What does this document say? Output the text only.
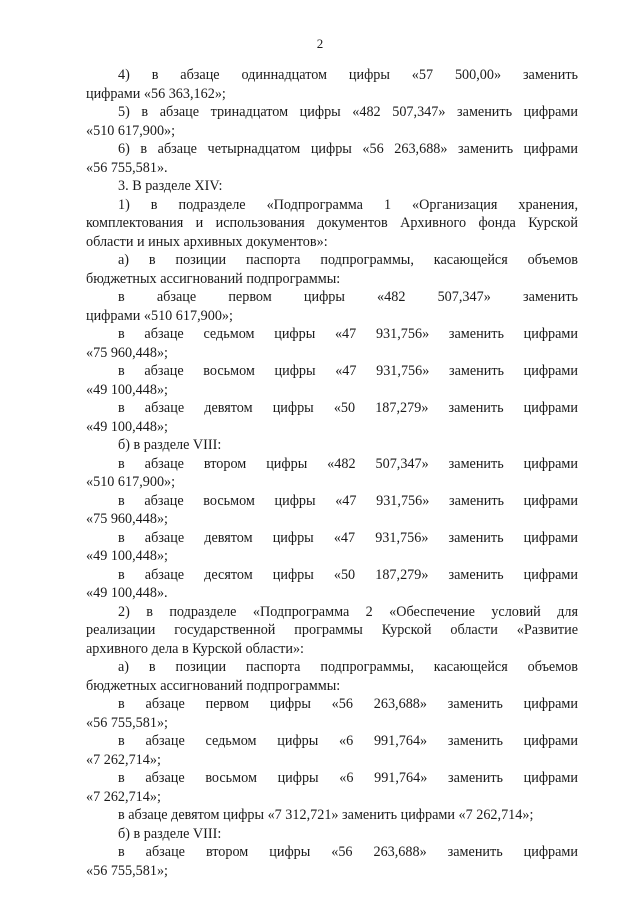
2
4) в абзаце одиннадцатом цифры «57 500,00» заменить
цифрами «56 363,162»;
5) в абзаце тринадцатом цифры «482 507,347» заменить цифрами
«510 617,900»;
6) в абзаце четырнадцатом цифры «56 263,688» заменить цифрами
«56 755,581».
3. В разделе XIV:
1) в подразделе «Подпрограмма 1 «Организация хранения,
комплектования и использования документов Архивного фонда Курской
области и иных архивных документов»:
а) в позиции паспорта подпрограммы, касающейся объемов
бюджетных ассигнований подпрограммы:
в абзаце первом цифры «482 507,347» заменить
цифрами «510 617,900»;
в абзаце седьмом цифры «47 931,756» заменить цифрами
«75 960,448»;
в абзаце восьмом цифры «47 931,756» заменить цифрами
«49 100,448»;
в абзаце девятом цифры «50 187,279» заменить цифрами
«49 100,448»;
б) в разделе VIII:
в абзаце втором цифры «482 507,347» заменить цифрами
«510 617,900»;
в абзаце восьмом цифры «47 931,756» заменить цифрами
«75 960,448»;
в абзаце девятом цифры «47 931,756» заменить цифрами
«49 100,448»;
в абзаце десятом цифры «50 187,279» заменить цифрами
«49 100,448».
2) в подразделе «Подпрограмма 2 «Обеспечение условий для
реализации государственной программы Курской области «Развитие
архивного дела в Курской области»:
а) в позиции паспорта подпрограммы, касающейся объемов
бюджетных ассигнований подпрограммы:
в абзаце первом цифры «56 263,688» заменить цифрами
«56 755,581»;
в абзаце седьмом цифры «6 991,764» заменить цифрами
«7 262,714»;
в абзаце восьмом цифры «6 991,764» заменить цифрами
«7 262,714»;
в абзаце девятом цифры «7 312,721» заменить цифрами «7 262,714»;
б) в разделе VIII:
в абзаце втором цифры «56 263,688» заменить цифрами
«56 755,581»;
